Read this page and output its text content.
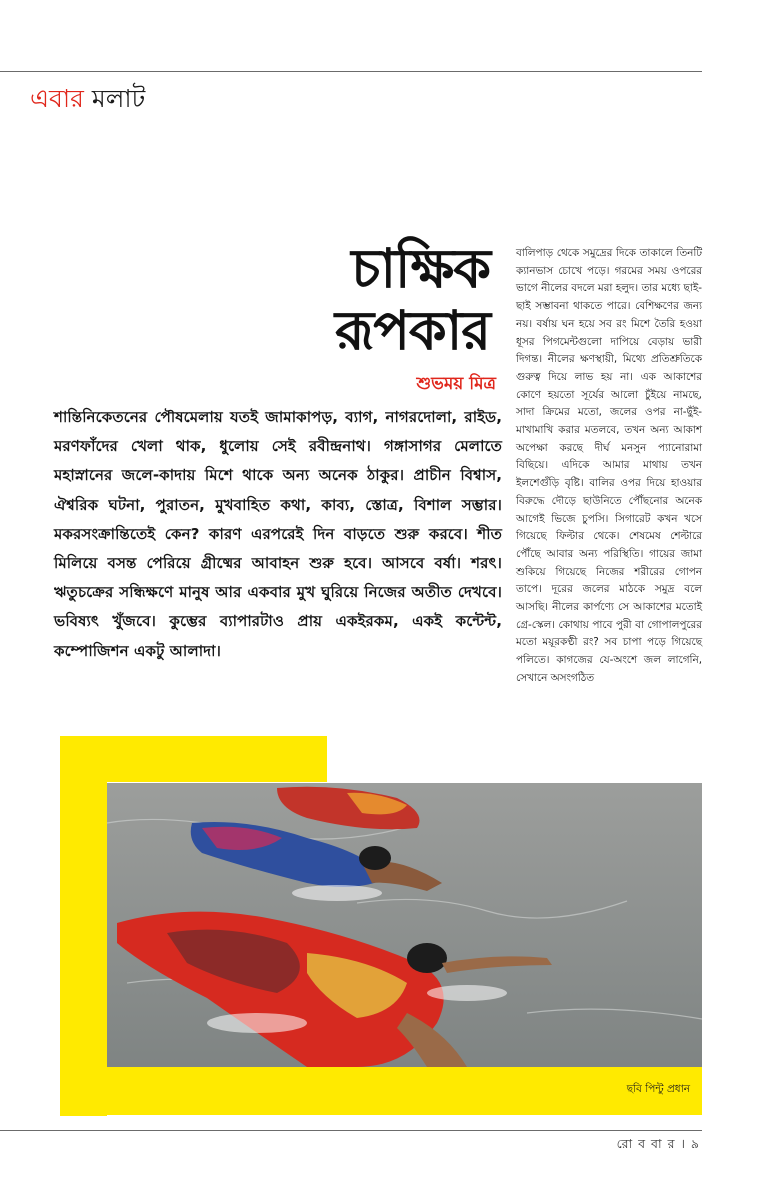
এবার মলাট
চাক্ষিক
রূপকার
শুভময় মিত্র

শান্তিনিকেতনের পৌষমেলায় যতই জামাকাপড়, ব্যাগ, নাগরদোলা, রাইড, মরণফাঁদের খেলা থাক, ধুলোয় সেই রবীন্দ্রনাথ। গঙ্গাসাগর মেলাতে মহাস্নানের জলে-কাদায় মিশে থাকে অন্য অনেক ঠাকুর। প্রাচীন বিশ্বাস, ঐশ্বরিক ঘটনা, পুরাতন, মুখবাহিত কথা, কাব্য, স্তোত্র, বিশাল সম্ভার। মকরসংক্রান্তিতেই কেন? কারণ এরপরেই দিন বাড়তে শুরু করবে। শীত মিলিয়ে বসন্ত পেরিয়ে গ্রীষ্মের আবাহন শুরু হবে। আসবে বর্ষা। শরৎ। ঋতুচক্রের সন্ধিক্ষণে মানুষ আর একবার মুখ ঘুরিয়ে নিজের অতীত দেখবে। ভবিষ্যৎ খুঁজবে। কুম্ভের ব্যাপারটাও প্রায় একইরকম, একই কন্টেন্ট, কম্পোজিশন একটু আলাদা।

বালিপাড় থেকে সমুদ্রের দিকে তাকালে তিনটি ক্যানভাস চোখে পড়ে। গরমের সময় ওপরের ভাগে নীলের বদলে মরা হলুদ। তার মধ্যে ছাই-ছাই সম্ভাবনা থাকতে পারে। বেশিক্ষণের জন্য নয়। বর্ষায় ঘন হয়ে সব রং মিশে তৈরি হওয়া ধূসর পিগমেন্টগুলো দাপিয়ে বেড়ায় ভারী দিগন্ত। নীলের ক্ষণস্থায়ী, মিথ্যে প্রতিশ্রুতিকে গুরুত্ব দিয়ে লাভ হয় না। এক আকাশের কোণে হয়তো সূর্যের আলো চুঁইয়ে নামছে, সাদা ক্রিমের মতো, জলের ওপর না-ছুঁই-মাখামাখি করার মতলবে, তখন অন্য আকাশ অপেক্ষা করছে দীর্ঘ মনসুন প্যানোরামা বিছিয়ে। এদিকে আমার মাথায় তখন ইলশেগুঁড়ি বৃষ্টি। বালির ওপর দিয়ে হাওয়ার বিরুদ্ধে দৌড়ে ছাউনিতে পৌঁছনোর অনেক আগেই ভিজে চুপসি। সিগারেট কখন খসে গিয়েছে ফিল্টার থেকে। শেষমেষ শেল্টারে পৌঁছে আবার অন্য পরিস্থিতি। গায়ের জামা শুকিয়ে গিয়েছে নিজের শরীরের গোপন তাপে। দূরের জলের মাঠকে সমুদ্র বলে আসছি। নীলের কার্পণ্যে সে আকাশের মতোই গ্রে-স্কেল। কোথায় পাবে পুরী বা গোপালপুরের মতো ময়ূরকণ্ঠী রং? সব চাপা পড়ে গিয়েছে পলিতে। কাগজের যে-অংশে জল লাগেনি, সেখানে অসংগঠিত

ছবি পিন্টু প্রধান
রো ব বা র । ৯
